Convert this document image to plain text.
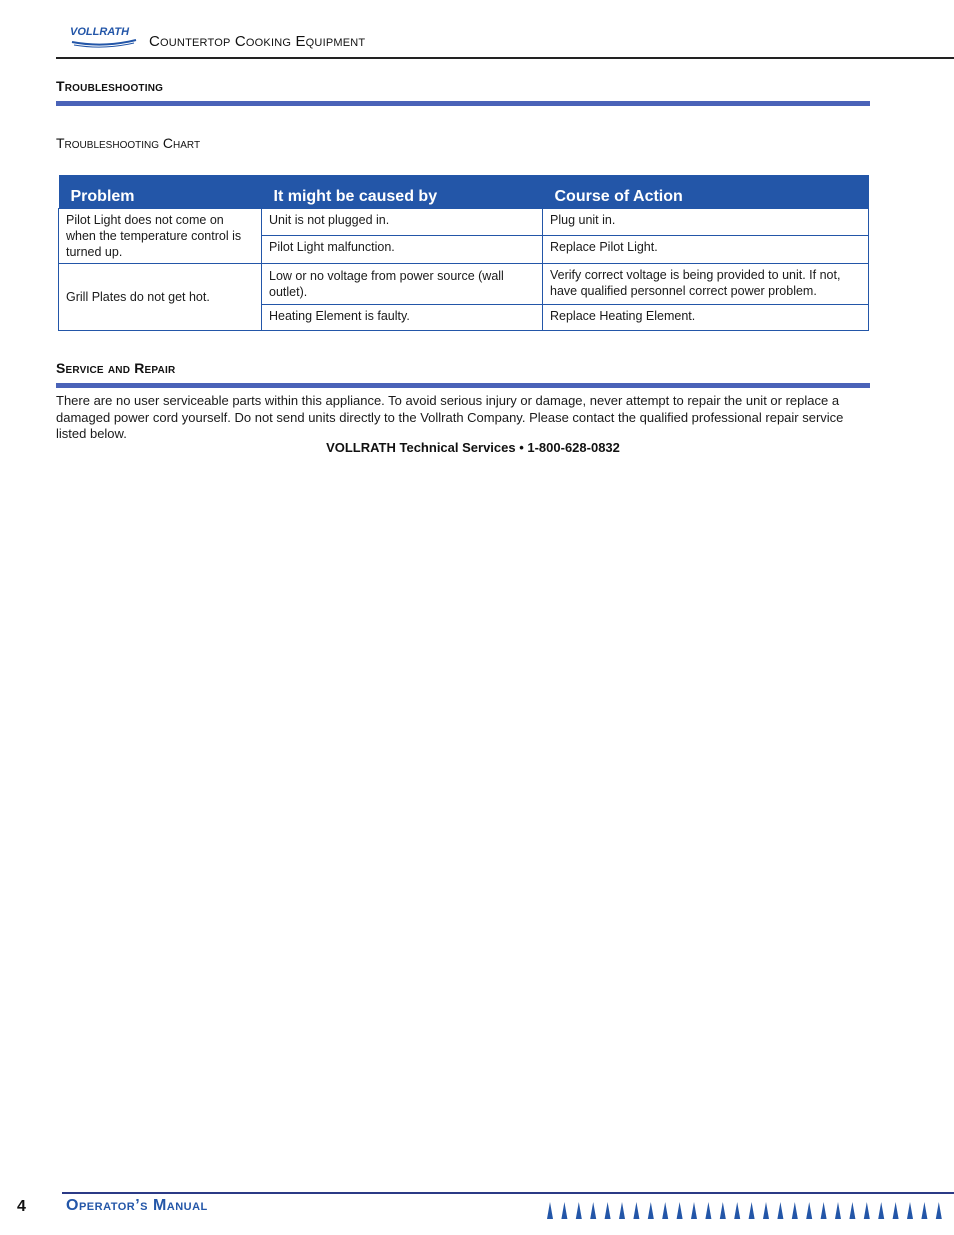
VOLLRATH
Countertop Cooking Equipment
Troubleshooting
Troubleshooting Chart
Problem	It might be caused by	Course of Action
Pilot Light does not come on when the temperature control is turned up.	Unit is not plugged in.	Plug unit in.
	Pilot Light malfunction.	Replace Pilot Light.
Grill Plates do not get hot.	Low or no voltage from power source (wall outlet).	Verify correct voltage is being provided to unit. If not, have qualified personnel correct power problem.
	Heating Element is faulty.	Replace Heating Element.
Service and Repair
There are no user serviceable parts within this appliance. To avoid serious injury or damage, never attempt to repair the unit or replace a damaged power cord yourself. Do not send units directly to the Vollrath Company. Please contact the qualified professional repair service listed below.
VOLLRATH Technical Services • 1-800-628-0832
4	Operator’s Manual
